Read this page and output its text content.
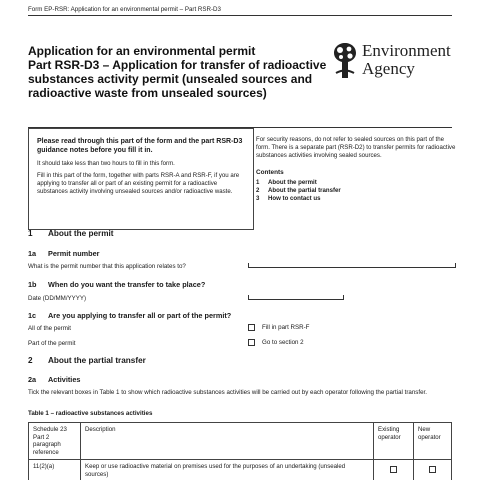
Form EP-RSR: Application for an environmental permit – Part RSR-D3
Application for an environmental permit
Part RSR-D3 – Application for transfer of radioactive substances activity permit (unsealed sources and radioactive waste from unsealed sources)
Environment
Agency
Please read through this part of the form and the part RSR-D3 guidance notes before you fill it in.
It should take less than two hours to fill in this form.
Fill in this part of the form, together with parts RSR-A and RSR-F, if you are applying to transfer all or part of an existing permit for a radioactive substances activity involving unsealed sources and/or radioactive waste.
For security reasons, do not refer to sealed sources on this part of the form. There is a separate part (RSR-D2) to transfer permits for radioactive substances activities involving sealed sources.
Contents
1	About the permit
2	About the partial transfer
3	How to contact us
1	About the permit
1a	Permit number
What is the permit number that this application relates to?
1b	When do you want the transfer to take place?
Date (DD/MM/YYYY)
1c	Are you applying to transfer all or part of the permit?
All of the permit	Fill in part RSR-F
Part of the permit	Go to section 2
2	About the partial transfer
2a	Activities
Tick the relevant boxes in Table 1 to show which radioactive substances activities will be carried out by each operator following the partial transfer.
Table 1 – radioactive substances activities
Schedule 23 Part 2 paragraph reference	Description	Existing operator	New operator
11(2)(a)	Keep or use radioactive material on premises used for the purposes of an undertaking (unsealed sources)		
